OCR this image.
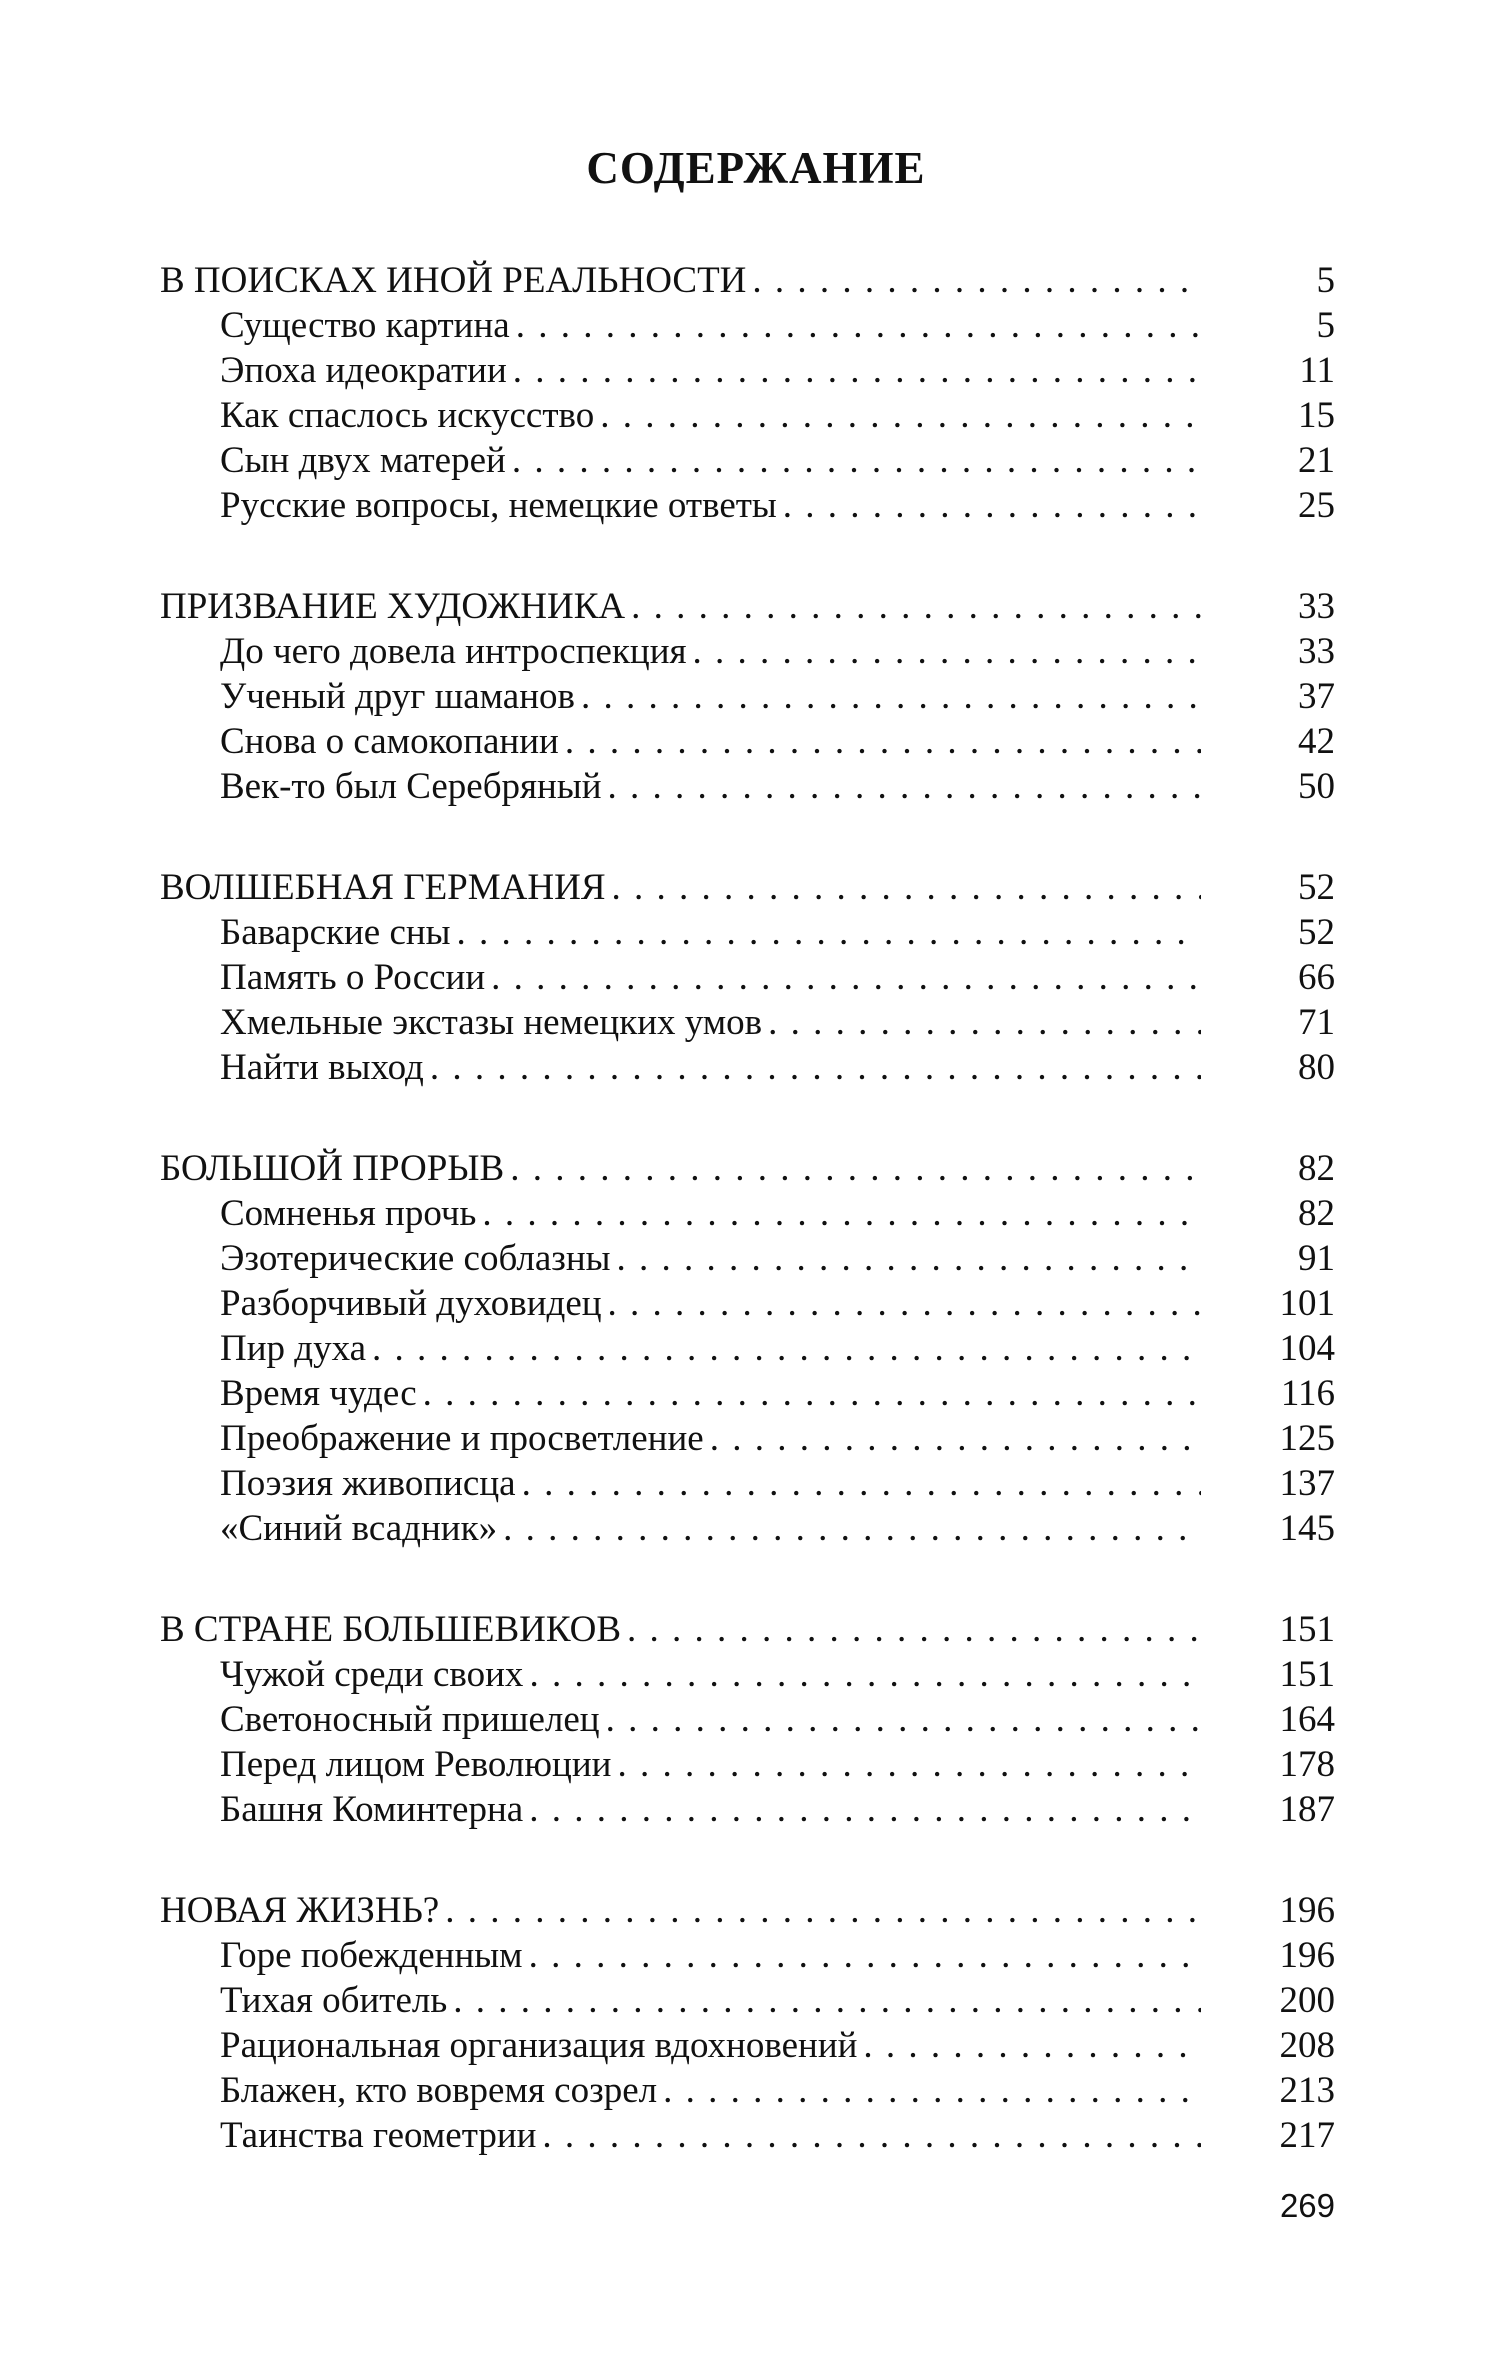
СОДЕРЖАНИЕ
В ПОИСКАХ ИНОЙ РЕАЛЬНОСТИ . . .	5
Существо картина . . .	5
Эпоха идеократии . . .	11
Как спаслось искусство . . .	15
Сын двух матерей . . .	21
Русские вопросы, немецкие ответы . . .	25
ПРИЗВАНИЕ ХУДОЖНИКА . . .	33
До чего довела интроспекция . . .	33
Ученый друг шаманов . . .	37
Снова о самокопании . . .	42
Век-то был Серебряный . . .	50
ВОЛШЕБНАЯ ГЕРМАНИЯ . . .	52
Баварские сны . . .	52
Память о России . . .	66
Хмельные экстазы немецких умов . . .	71
Найти выход . . .	80
БОЛЬШОЙ ПРОРЫВ . . .	82
Сомненья прочь . . .	82
Эзотерические соблазны . . .	91
Разборчивый духовидец . . .	101
Пир духа . . .	104
Время чудес . . .	116
Преображение и просветление . . .	125
Поэзия живописца . . .	137
«Синий всадник» . . .	145
В СТРАНЕ БОЛЬШЕВИКОВ . . .	151
Чужой среди своих . . .	151
Светоносный пришелец . . .	164
Перед лицом Революции . . .	178
Башня Коминтерна . . .	187
НОВАЯ ЖИЗНЬ? . . .	196
Горе побежденным . . .	196
Тихая обитель . . .	200
Рациональная организация вдохновений . . .	208
Блажен, кто вовремя созрел . . .	213
Таинства геометрии . . .	217
269
